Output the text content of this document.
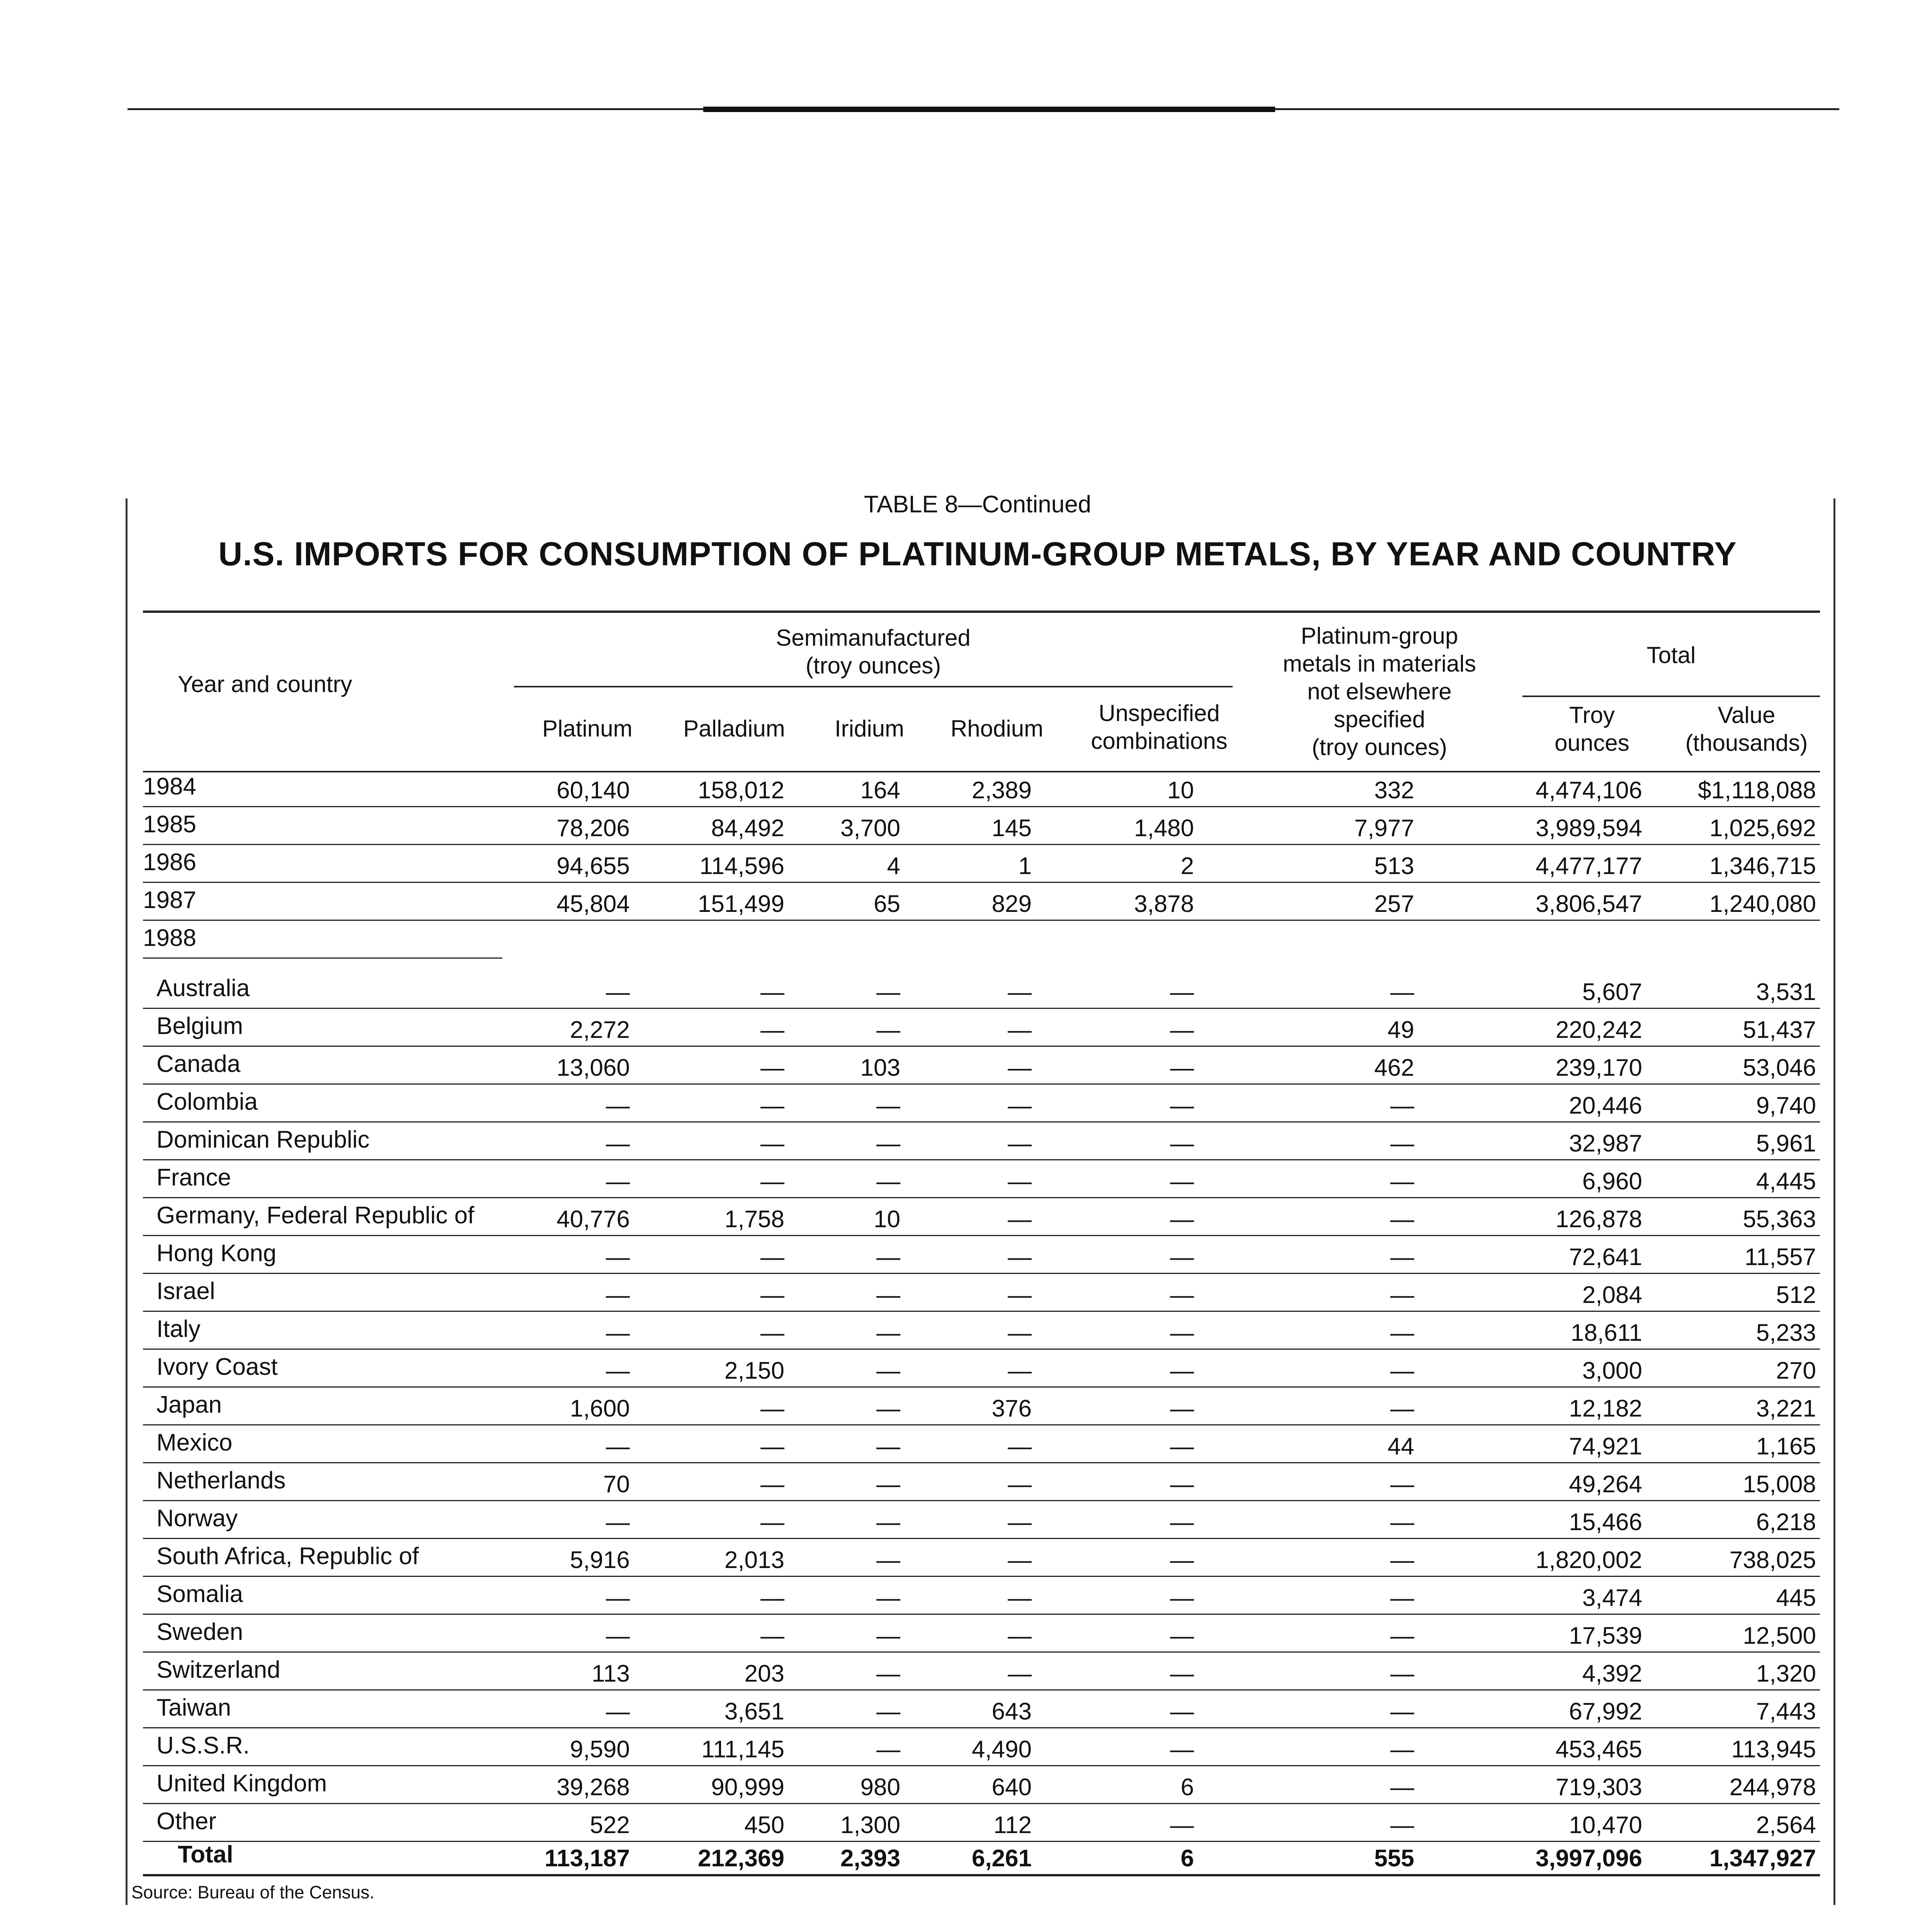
TABLE 8—Continued
U.S. IMPORTS FOR CONSUMPTION OF PLATINUM-GROUP METALS, BY YEAR AND COUNTRY
Year and country
Semimanufactured
(troy ounces)
Platinum	Palladium	Iridium	Rhodium
Unspecified
combinations
Platinum-group
metals in materials
not elsewhere
specified
(troy ounces)
Total
Troy
ounces
Value
(thousands)
1984	60,140	158,012	164	2,389	10	332	4,474,106	$1,118,088
1985	78,206	84,492	3,700	145	1,480	7,977	3,989,594	1,025,692
1986	94,655	114,596	4	1	2	513	4,477,177	1,346,715
1987	45,804	151,499	65	829	3,878	257	3,806,547	1,240,080
1988
Australia	—	—	—	—	—	—	5,607	3,531
Belgium	2,272	—	—	—	—	49	220,242	51,437
Canada	13,060	—	103	—	—	462	239,170	53,046
Colombia	—	—	—	—	—	—	20,446	9,740
Dominican Republic	—	—	—	—	—	—	32,987	5,961
France	—	—	—	—	—	—	6,960	4,445
Germany, Federal Republic of	40,776	1,758	10	—	—	—	126,878	55,363
Hong Kong	—	—	—	—	—	—	72,641	11,557
Israel	—	—	—	—	—	—	2,084	512
Italy	—	—	—	—	—	—	18,611	5,233
Ivory Coast	—	2,150	—	—	—	—	3,000	270
Japan	1,600	—	—	376	—	—	12,182	3,221
Mexico	—	—	—	—	—	44	74,921	1,165
Netherlands	70	—	—	—	—	—	49,264	15,008
Norway	—	—	—	—	—	—	15,466	6,218
South Africa, Republic of	5,916	2,013	—	—	—	—	1,820,002	738,025
Somalia	—	—	—	—	—	—	3,474	445
Sweden	—	—	—	—	—	—	17,539	12,500
Switzerland	113	203	—	—	—	—	4,392	1,320
Taiwan	—	3,651	—	643	—	—	67,992	7,443
U.S.S.R.	9,590	111,145	—	4,490	—	—	453,465	113,945
United Kingdom	39,268	90,999	980	640	6	—	719,303	244,978
Other	522	450	1,300	112	—	—	10,470	2,564
Total	113,187	212,369	2,393	6,261	6	555	3,997,096	1,347,927
Source: Bureau of the Census.
